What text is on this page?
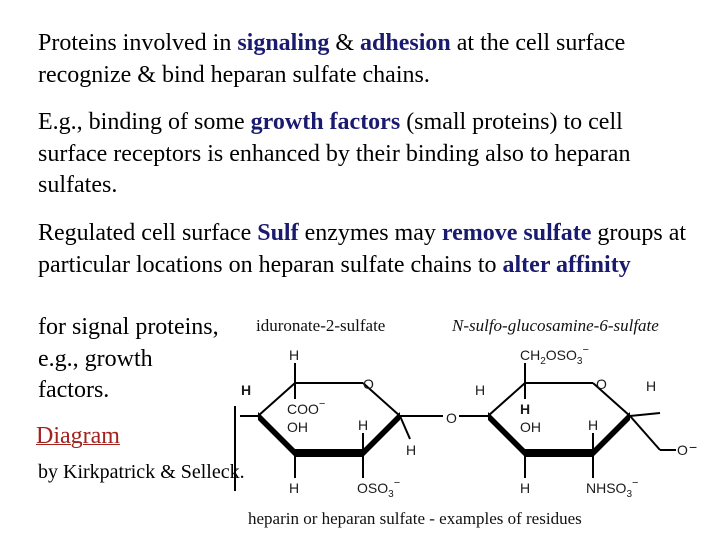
Proteins involved in signaling & adhesion at the cell surface recognize & bind heparan sulfate chains.

E.g., binding of some growth factors (small proteins) to cell surface receptors is enhanced by their binding also to heparan sulfates.

Regulated cell surface Sulf enzymes may remove sulfate groups at particular locations on heparan sulfate chains to alter affinity

for signal proteins, e.g., growth factors.

Diagram
by Kirkpatrick & Selleck.
iduronate-2-sulfate	N-sulfo-glucosamine-6-sulfate
H
O
H
COO−
OH	H
H
H	$OSO_3^-$
O
$CH_2OSO_3^-$
H	O	H
H
OH	H
H	$NHSO_3^-$
O −
heparin or heparan sulfate - examples of residues
